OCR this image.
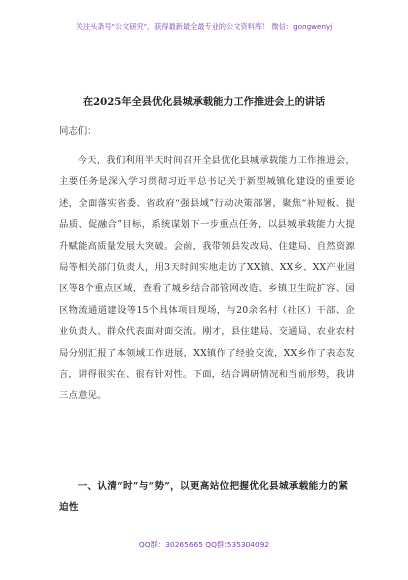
关注头条号"公文研究"，获得最新最全最专业的公文资料库！ 微信：gongwenyj
在2025年全县优化县城承载能力工作推进会上的讲话
同志们：
今天，我们利用半天时间召开全县优化县城承载能力工作推进会，主要任务是深入学习贯彻习近平总书记关于新型城镇化建设的重要论述，全面落实省委、省政府“强县域”行动决策部署，聚焦“补短板、提品质、促融合”目标，系统谋划下一步重点任务，以县城承载能力大提升赋能高质量发展大突破。会前，我带领县发改局、住建局、自然资源局等相关部门负责人，用3天时间实地走访了XX镇、XX乡、XX产业园区等8个重点区域，查看了城乡结合部管网改造、乡镇卫生院扩容、园区物流通道建设等15个具体项目现场，与20余名村（社区）干部、企业负责人、群众代表面对面交流。刚才，县住建局、交通局、农业农村局分别汇报了本领域工作进展，XX镇作了经验交流，XX乡作了表态发言，讲得很实在、很有针对性。下面，结合调研情况和当前形势，我讲三点意见。
一、认清“时”与“势”，以更高站位把握优化县城承载能力的紧迫性
QQ群：30265665 QQ群:535304092
